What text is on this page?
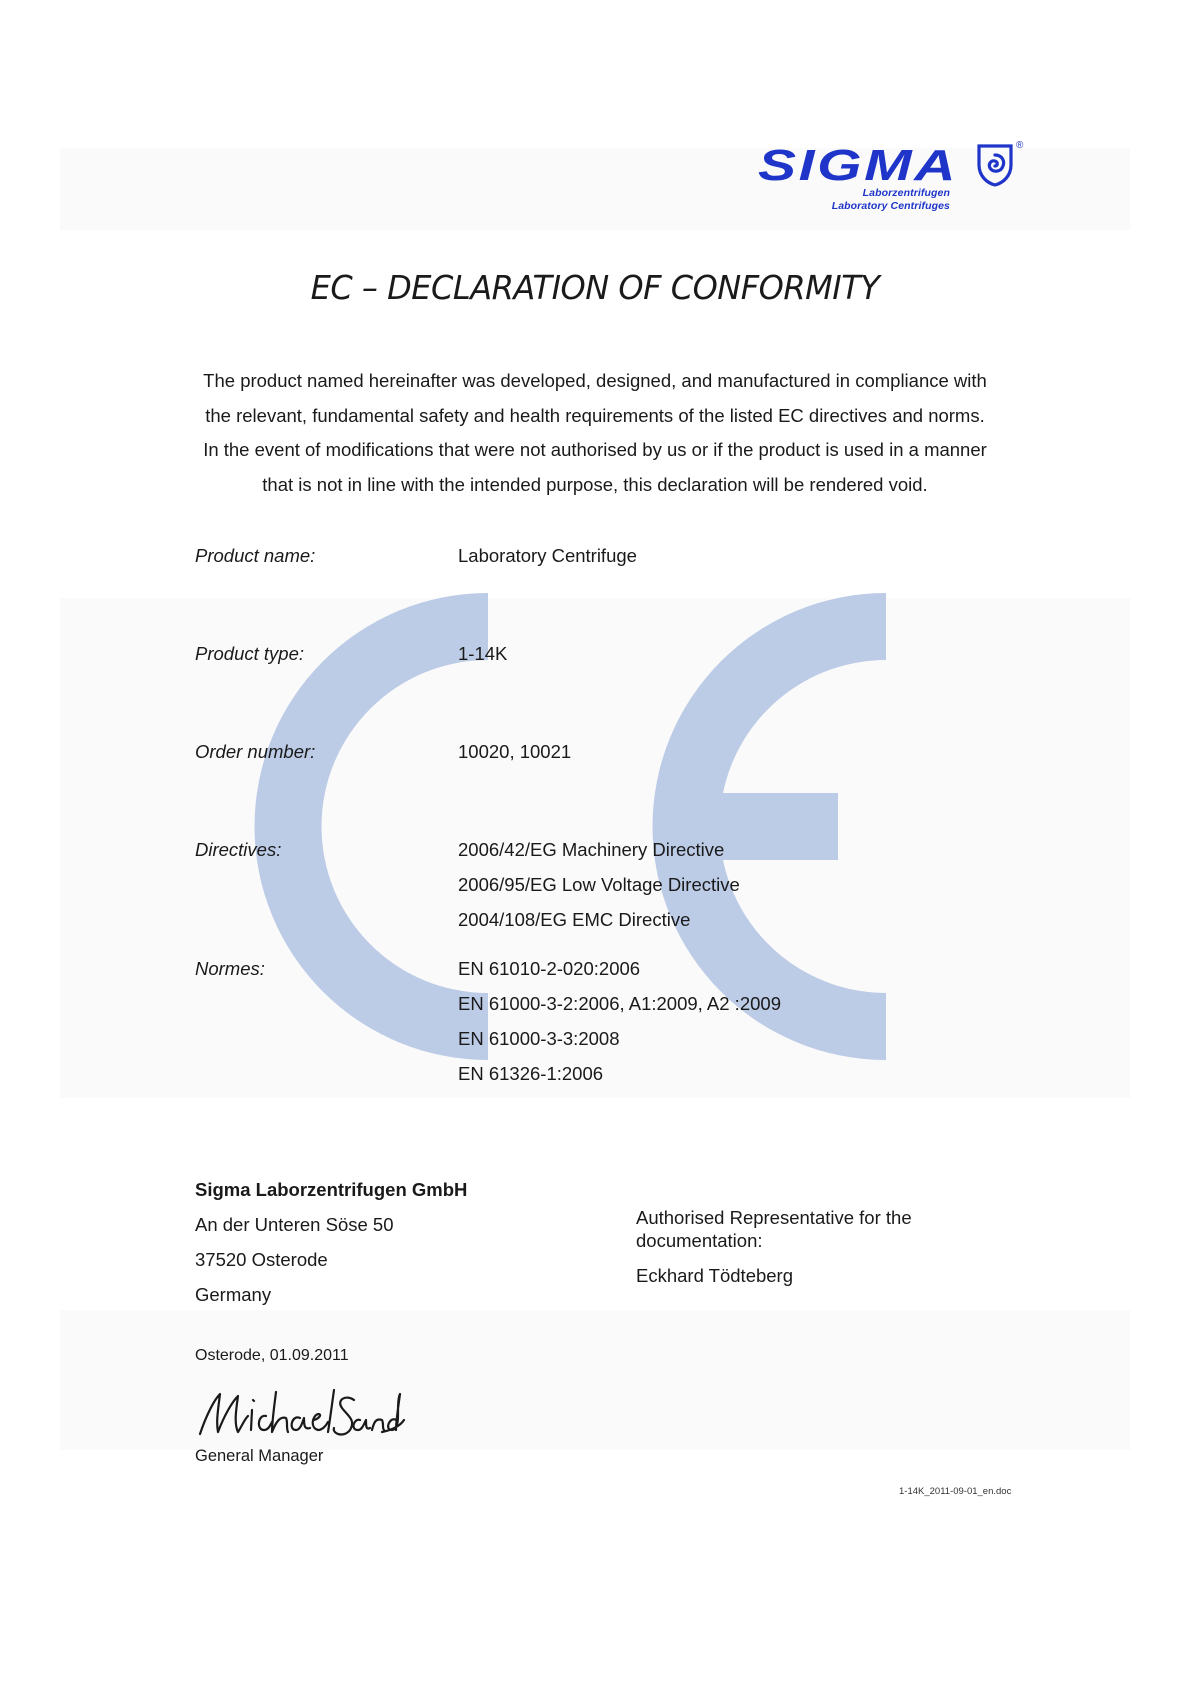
SIGMA
Laborzentrifugen
Laboratory Centrifuges
®
EC – DECLARATION OF CONFORMITY
The product named hereinafter was developed, designed, and manufactured in compliance with
the relevant, fundamental safety and health requirements of the listed EC directives and norms.
In the event of modifications that were not authorised by us or if the product is used in a manner
that is not in line with the intended purpose, this declaration will be rendered void.
Product name:	Laboratory Centrifuge
Product type:	1-14K
Order number:	10020, 10021
Directives:	2006/42/EG Machinery Directive
2006/95/EG Low Voltage Directive
2004/108/EG EMC Directive
Normes:	EN 61010-2-020:2006
EN 61000-3-2:2006, A1:2009, A2 :2009
EN 61000-3-3:2008
EN 61326-1:2006
Sigma Laborzentrifugen GmbH
An der Unteren Söse 50
37520 Osterode
Germany
Authorised Representative for the
documentation:
Eckhard Tödteberg
Osterode, 01.09.2011
General Manager
1-14K_2011-09-01_en.doc
